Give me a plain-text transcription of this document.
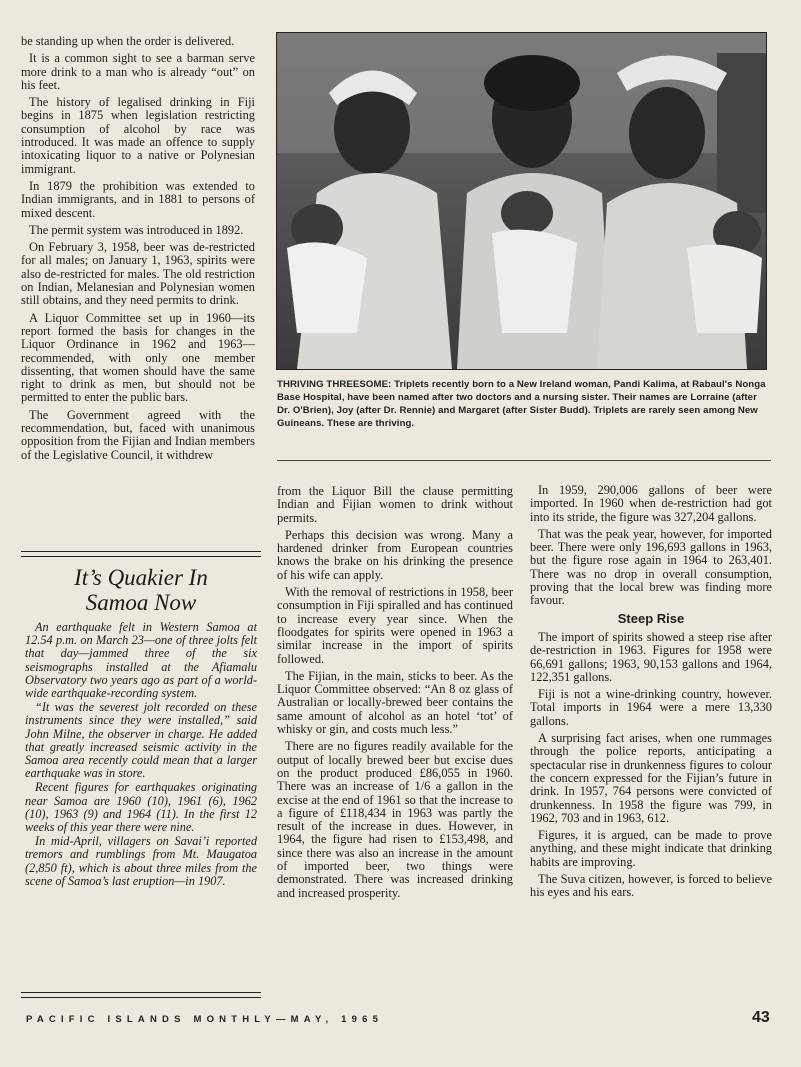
be standing up when the order is delivered.

It is a common sight to see a barman serve more drink to a man who is already “out” on his feet.

The history of legalised drinking in Fiji begins in 1875 when legislation restricting consumption of alcohol by race was introduced. It was made an offence to supply intoxicating liquor to a native or Polynesian immigrant.

In 1879 the prohibition was extended to Indian immigrants, and in 1881 to persons of mixed descent.

The permit system was introduced in 1892.

On February 3, 1958, beer was de-restricted for all males; on January 1, 1963, spirits were also de-restricted for males. The old restriction on Indian, Melanesian and Polynesian women still obtains, and they need permits to drink.

A Liquor Committee set up in 1960—its report formed the basis for changes in the Liquor Ordinance in 1962 and 1963—recommended, with only one member dissenting, that women should have the same right to drink as men, but should not be permitted to enter the public bars.

The Government agreed with the recommendation, but, faced with unanimous opposition from the Fijian and Indian members of the Legislative Council, it withdrew

THRIVING THREESOME: Triplets recently born to a New Ireland woman, Pandi Kalima, at Rabaul's Nonga Base Hospital, have been named after two doctors and a nursing sister. Their names are Lorraine (after Dr. O'Brien), Joy (after Dr. Rennie) and Margaret (after Sister Budd). Triplets are rarely seen among New Guineans. These are thriving.
It’s Quakier In
Samoa Now

An earthquake felt in Western Samoa at 12.54 p.m. on March 23—one of three jolts felt that day—jammed three of the six seismographs installed at the Afiamalu Observatory two years ago as part of a world-wide earthquake-recording system.

“It was the severest jolt recorded on these instruments since they were installed,” said John Milne, the observer in charge. He added that greatly increased seismic activity in the Samoa area recently could mean that a larger earthquake was in store.

Recent figures for earthquakes originating near Samoa are 1960 (10), 1961 (6), 1962 (10), 1963 (9) and 1964 (11). In the first 12 weeks of this year there were nine.

In mid-April, villagers on Savai’i reported tremors and rumblings from Mt. Maugatoa (2,850 ft), which is about three miles from the scene of Samoa’s last eruption—in 1907.

from the Liquor Bill the clause permitting Indian and Fijian women to drink without permits.

Perhaps this decision was wrong. Many a hardened drinker from European countries knows the brake on his drinking the presence of his wife can apply.

With the removal of restrictions in 1958, beer consumption in Fiji spiralled and has continued to increase every year since. When the floodgates for spirits were opened in 1963 a similar increase in the import of spirits followed.

The Fijian, in the main, sticks to beer. As the Liquor Committee observed: “An 8 oz glass of Australian or locally-brewed beer contains the same amount of alcohol as an hotel ‘tot’ of whisky or gin, and costs much less.”

There are no figures readily available for the output of locally brewed beer but excise dues on the product produced £86,055 in 1960. There was an increase of 1/6 a gallon in the excise at the end of 1961 so that the increase to a figure of £118,434 in 1963 was partly the result of the increase in dues. However, in 1964, the figure had risen to £153,498, and since there was also an increase in the amount of imported beer, two things were demonstrated. There was increased drinking and increased prosperity.

In 1959, 290,006 gallons of beer were imported. In 1960 when de-restriction had got into its stride, the figure was 327,204 gallons.

That was the peak year, however, for imported beer. There were only 196,693 gallons in 1963, but the figure rose again in 1964 to 263,401. There was no drop in overall consumption, proving that the local brew was finding more favour.

Steep Rise

The import of spirits showed a steep rise after de-restriction in 1963. Figures for 1958 were 66,691 gallons; 1963, 90,153 gallons and 1964, 122,351 gallons.

Fiji is not a wine-drinking country, however. Total imports in 1964 were a mere 13,330 gallons.

A surprising fact arises, when one rummages through the police reports, anticipating a spectacular rise in drunkenness figures to colour the concern expressed for the Fijian’s future in drink. In 1957, 764 persons were convicted of drunkenness. In 1958 the figure was 799, in 1962, 703 and in 1963, 612.

Figures, it is argued, can be made to prove anything, and these might indicate that drinking habits are improving.

The Suva citizen, however, is forced to believe his eyes and his ears.

PACIFIC ISLANDS MONTHLY—MAY, 1965	43
